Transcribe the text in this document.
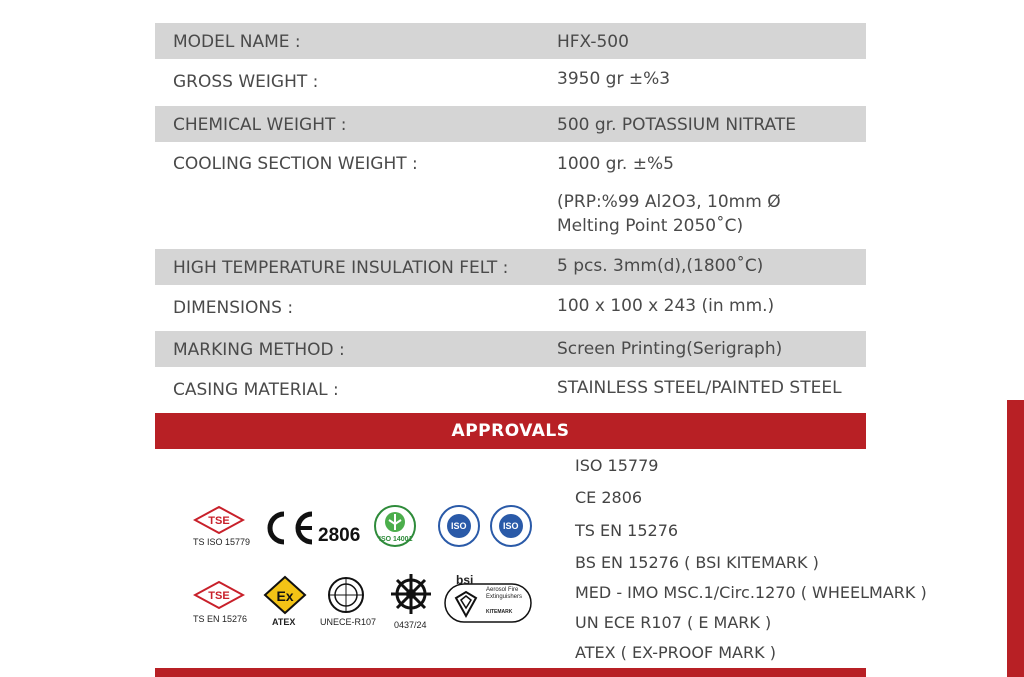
MODEL NAME :	HFX-500
GROSS WEIGHT :	3950 gr ±%3
CHEMICAL WEIGHT :	500 gr. POTASSIUM NITRATE
COOLING SECTION WEIGHT :	1000 gr. ±%5
(PRP:%99 Al2O3, 10mm Ø
Melting Point 2050˚C)
HIGH TEMPERATURE INSULATION FELT :	5 pcs. 3mm(d),(1800˚C)
DIMENSIONS :	100 x 100 x 243 (in mm.)
MARKING METHOD :	Screen Printing(Serigraph)
CASING MATERIAL :	STAINLESS STEEL/PAINTED STEEL
APPROVALS
ISO 15779
CE 2806
TS EN 15276
BS EN 15276 ( BSI KITEMARK )
MED - IMO MSC.1/Circ.1270 ( WHEELMARK )
UN ECE R107 ( E MARK )
ATEX ( EX-PROOF MARK )
TSE
TS ISO 15779	2806	ISO 14001
ISO	ISO
TSE
TS EN 15276
Ex
ATEX	UNECE-R107 0437/24
bsi
Aerosol Fire Extinguishers
KITEMARK
